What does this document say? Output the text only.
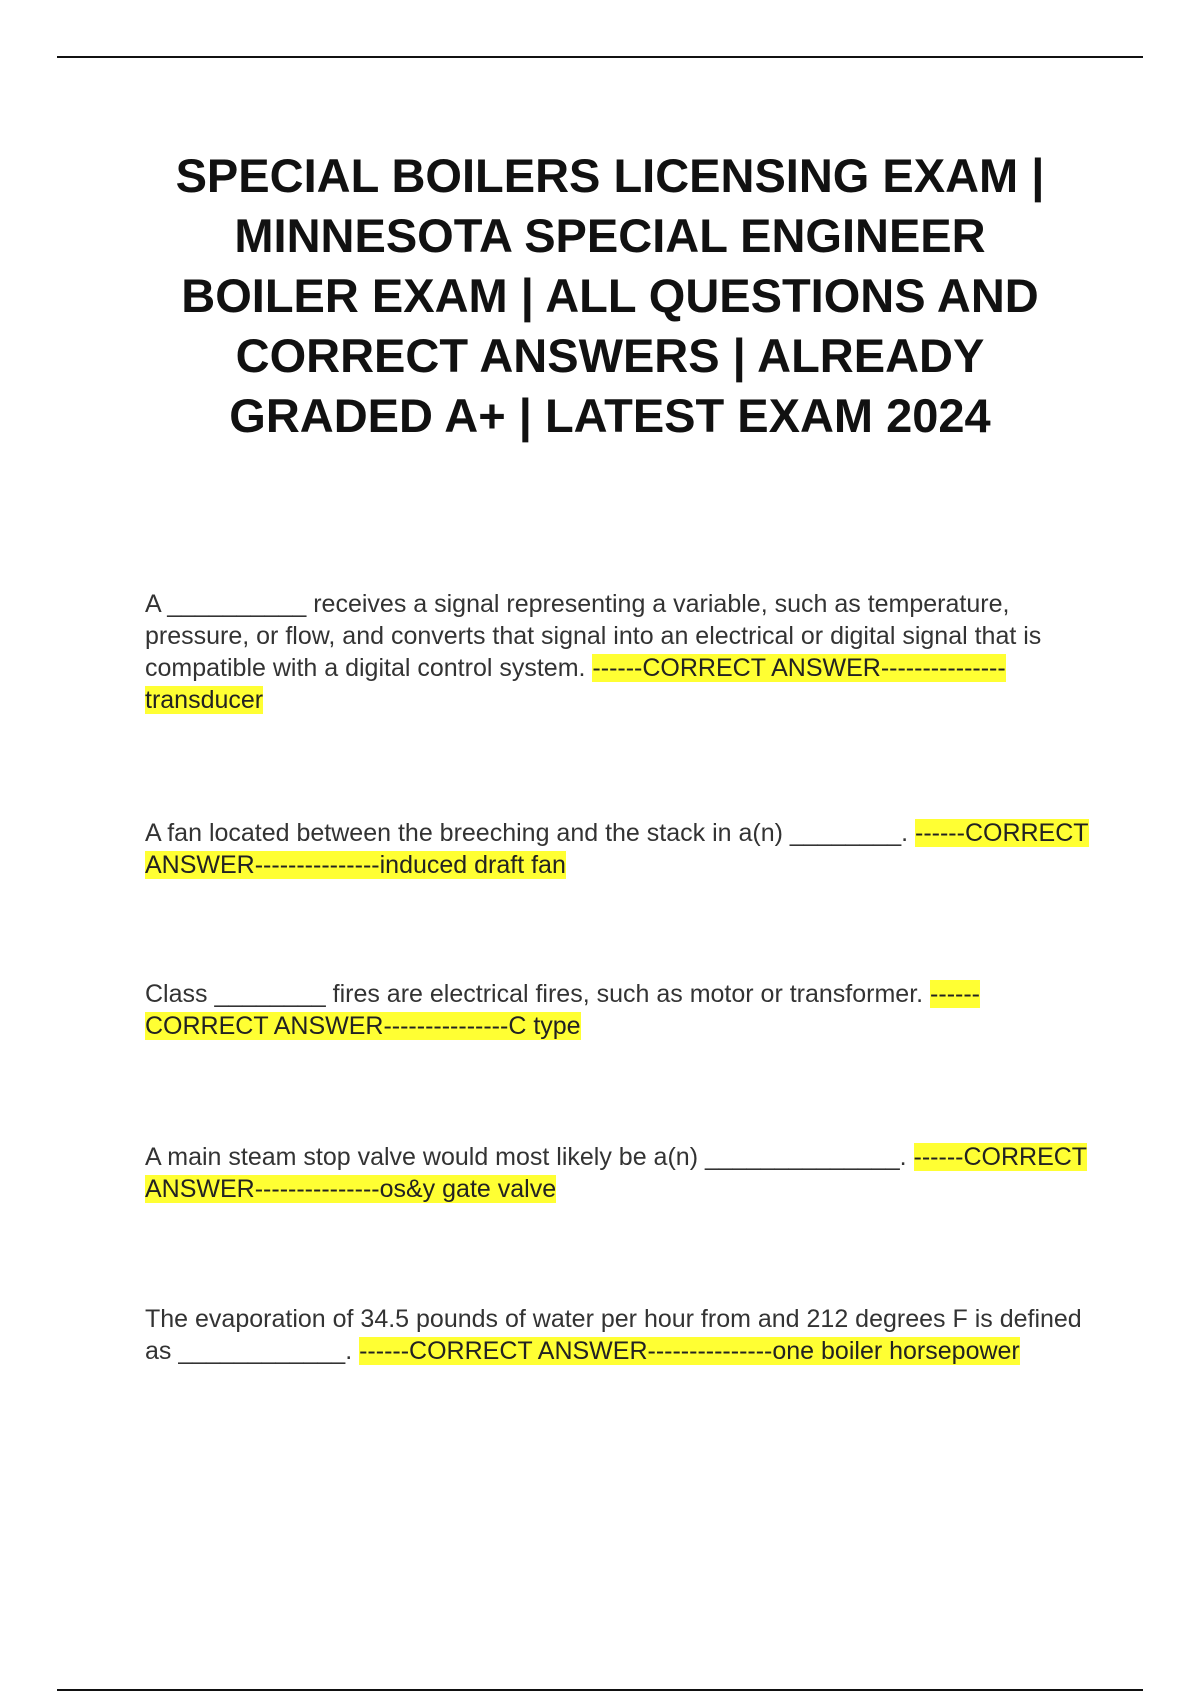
SPECIAL BOILERS LICENSING EXAM | MINNESOTA SPECIAL ENGINEER BOILER EXAM | ALL QUESTIONS AND CORRECT ANSWERS | ALREADY GRADED A+ | LATEST EXAM 2024

A __________ receives a signal representing a variable, such as temperature, pressure, or flow, and converts that signal into an electrical or digital signal that is compatible with a digital control system. ------CORRECT ANSWER---------------transducer

A fan located between the breeching and the stack in a(n) ________. ------CORRECT ANSWER---------------induced draft fan

Class ________ fires are electrical fires, such as motor or transformer. ------CORRECT ANSWER---------------C type

A main steam stop valve would most likely be a(n) ______________. ------CORRECT ANSWER---------------os&y gate valve

The evaporation of 34.5 pounds of water per hour from and 212 degrees F is defined as ____________. ------CORRECT ANSWER---------------one boiler horsepower
